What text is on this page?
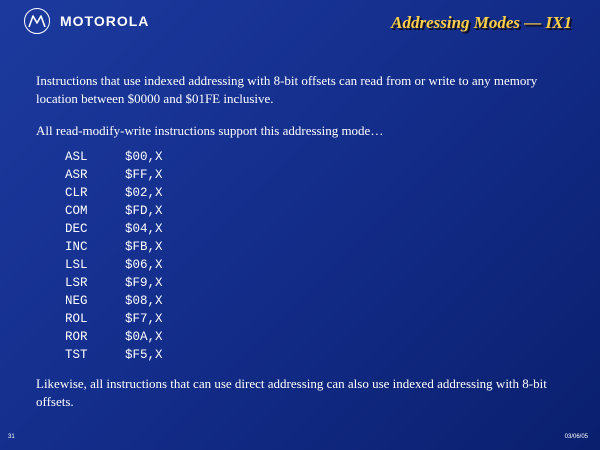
MOTOROLA	Addressing Modes — IX1
Instructions that use indexed addressing with 8-bit offsets can read from or write to any memory location between $0000 and $01FE inclusive.
All read-modify-write instructions support this addressing mode…
ASL	$00,X
ASR	$FF,X
CLR	$02,X
COM	$FD,X
DEC	$04,X
INC	$FB,X
LSL	$06,X
LSR	$F9,X
NEG	$08,X
ROL	$F7,X
ROR	$0A,X
TST	$F5,X
Likewise, all instructions that can use direct addressing can also use indexed addressing with 8-bit offsets.
31	03/06/05
